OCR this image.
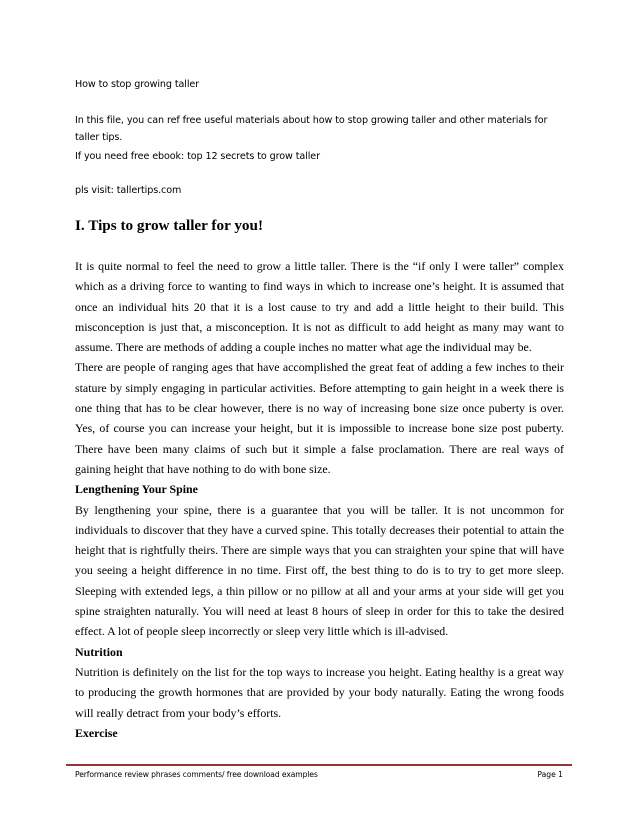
How to stop growing taller

In this file, you can ref free useful materials about how to stop growing taller and other materials for taller tips.

If you need free ebook: top 12 secrets to grow taller

pls visit: tallertips.com

I. Tips to grow taller for you!

It is quite normal to feel the need to grow a little taller. There is the “if only I were taller” complex which as a driving force to wanting to find ways in which to increase one’s height. It is assumed that once an individual hits 20 that it is a lost cause to try and add a little height to their build. This misconception is just that, a misconception. It is not as difficult to add height as many may want to assume. There are methods of adding a couple inches no matter what age the individual may be.

There are people of ranging ages that have accomplished the great feat of adding a few inches to their stature by simply engaging in particular activities. Before attempting to gain height in a week there is one thing that has to be clear however, there is no way of increasing bone size once puberty is over. Yes, of course you can increase your height, but it is impossible to increase bone size post puberty. There have been many claims of such but it simple a false proclamation. There are real ways of gaining height that have nothing to do with bone size.

Lengthening Your Spine

By lengthening your spine, there is a guarantee that you will be taller. It is not uncommon for individuals to discover that they have a curved spine. This totally decreases their potential to attain the height that is rightfully theirs. There are simple ways that you can straighten your spine that will have you seeing a height difference in no time. First off, the best thing to do is to try to get more sleep. Sleeping with extended legs, a thin pillow or no pillow at all and your arms at your side will get you spine straighten naturally. You will need at least 8 hours of sleep in order for this to take the desired effect. A lot of people sleep incorrectly or sleep very little which is ill-advised.

Nutrition

Nutrition is definitely on the list for the top ways to increase you height. Eating healthy is a great way to producing the growth hormones that are provided by your body naturally. Eating the wrong foods will really detract from your body’s efforts.

Exercise

Performance review phrases comments/ free download examples	Page 1
